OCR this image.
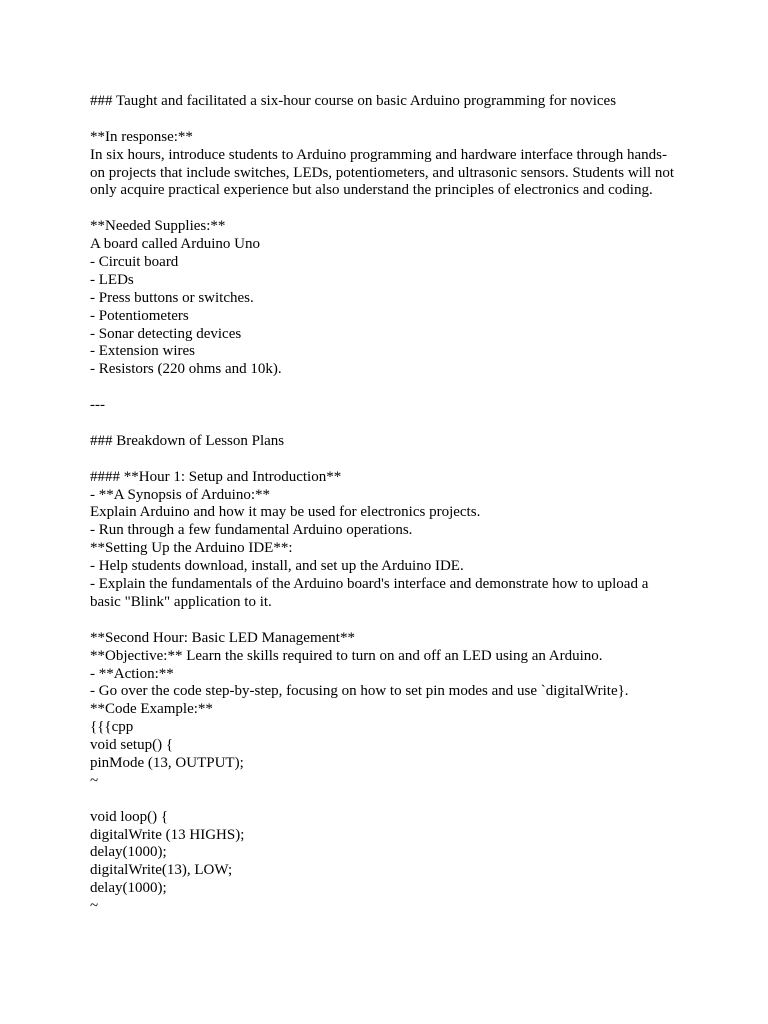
### Taught and facilitated a six-hour course on basic Arduino programming for novices
**In response:**
In six hours, introduce students to Arduino programming and hardware interface through hands-
on projects that include switches, LEDs, potentiometers, and ultrasonic sensors. Students will not
only acquire practical experience but also understand the principles of electronics and coding.
**Needed Supplies:**
A board called Arduino Uno
- Circuit board
- LEDs
- Press buttons or switches.
- Potentiometers
- Sonar detecting devices
- Extension wires
- Resistors (220 ohms and 10k).
---
### Breakdown of Lesson Plans
#### **Hour 1: Setup and Introduction**
- **A Synopsis of Arduino:**
Explain Arduino and how it may be used for electronics projects.
- Run through a few fundamental Arduino operations.
**Setting Up the Arduino IDE**:
- Help students download, install, and set up the Arduino IDE.
- Explain the fundamentals of the Arduino board's interface and demonstrate how to upload a
basic "Blink" application to it.
**Second Hour: Basic LED Management**
**Objective:** Learn the skills required to turn on and off an LED using an Arduino.
- **Action:**
- Go over the code step-by-step, focusing on how to set pin modes and use `digitalWrite}.
**Code Example:**
{{{cpp
void setup() {
pinMode (13, OUTPUT);
~
void loop() {
digitalWrite (13 HIGHS);
delay(1000);
digitalWrite(13), LOW;
delay(1000);
~
